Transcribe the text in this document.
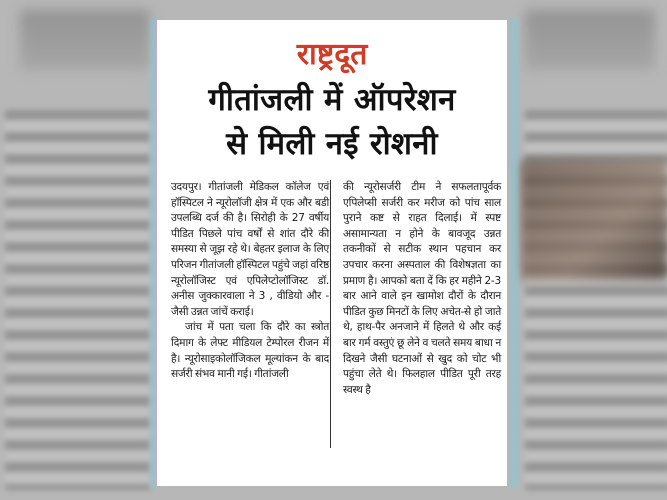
राष्ट्रदूत
गीतांजली में ऑपरेशन
से मिली नई रोशनी

उदयपुर। गीतांजली मेडिकल कॉलेज एवं हॉस्पिटल ने न्यूरोलॉजी क्षेत्र में एक और बडी उपलब्धि दर्ज की है। सिरोही के 27 वर्षीय पीडित पिछले पांच वर्षों से शांत दौरे की समस्या से जूझ रहे थे। बेहतर इलाज के लिए परिजन गीतांजली हॉस्पिटल पहुंचे जहां वरिष्ठ न्यूरोलॉजिस्ट एवं एपिलेप्टोलॉजिस्ट डॉ. अनीस जुक्कारवाला ने 3 , वीडियो और - जैसी उन्नत जांचें कराई।

जांच में पता चला कि दौरे का स्त्रोत दिमाग के लेफ्ट मीडियल टेम्पोरल रीजन में है। न्यूरोसाइकोलॉजिकल मूल्यांकन के बाद सर्जरी संभव मानी गई। गीतांजली

की न्यूरोसर्जरी टीम ने सफलतापूर्वक एपिलेप्सी सर्जरी कर मरीज को पांच साल पुराने कष्ट से राहत दिलाई। में स्पष्ट असामान्यता न होने के बावजूद उन्नत तकनीकों से सटीक स्थान पहचान कर उपचार करना अस्पताल की विशेषज्ञता का प्रमाण है। आपको बता दें कि हर महीने 2-3 बार आने वाले इन खामोश दौरों के दौरान पीडित कुछ मिनटों के लिए अचेत-से हो जाते थे, हाथ-पैर अनजाने में हिलते थे और कई बार गर्म वस्तुएं छू लेने व चलते समय बाधा न दिखने जैसी घटनाओं से खुद को चोट भी पहुंचा लेते थे। फिलहाल पीडित पूरी तरह स्वस्थ है
